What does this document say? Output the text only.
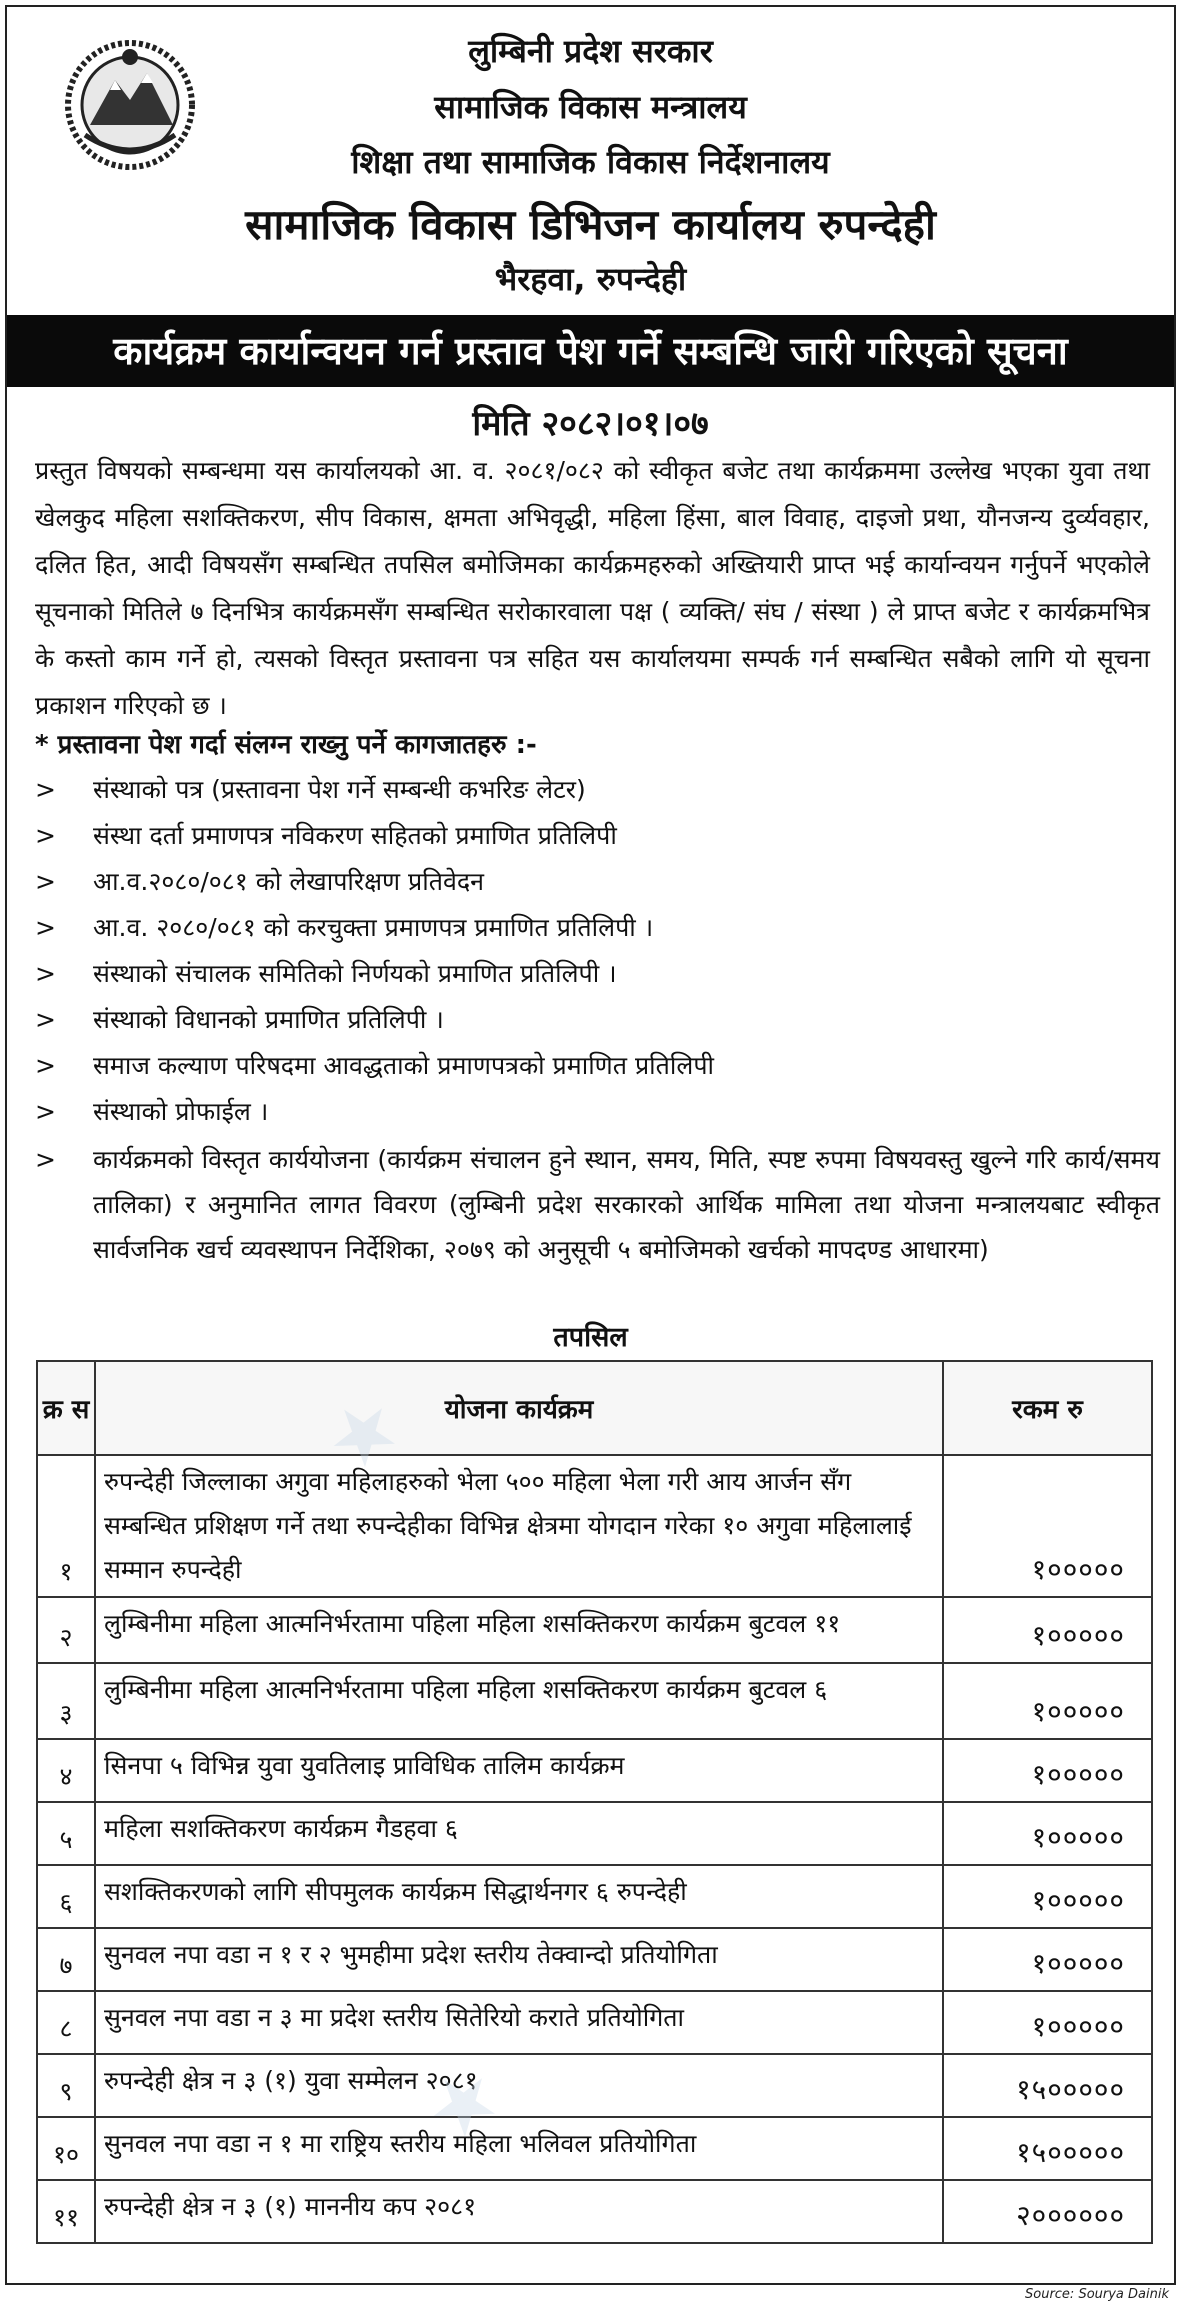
लुम्बिनी प्रदेश सरकार
सामाजिक विकास मन्त्रालय
शिक्षा तथा सामाजिक विकास निर्देशनालय
सामाजिक विकास डिभिजन कार्यालय रुपन्देही
भैरहवा, रुपन्देही
कार्यक्रम कार्यान्वयन गर्न प्रस्ताव पेश गर्ने सम्बन्धि जारी गरिएको सूचना
मिति २०८२।०१।०७
प्रस्तुत विषयको सम्बन्धमा यस कार्यालयको आ. व. २०८१/०८२ को स्वीकृत बजेट तथा कार्यक्रममा उल्लेख भएका युवा तथा खेलकुद महिला सशक्तिकरण, सीप विकास, क्षमता अभिवृद्धी, महिला हिंसा, बाल विवाह, दाइजो प्रथा, यौनजन्य दुर्व्यवहार, दलित हित, आदी विषयसँग सम्बन्धित तपसिल बमोजिमका कार्यक्रमहरुको अख्तियारी प्राप्त भई कार्यान्वयन गर्नुपर्ने भएकोले सूचनाको मितिले ७ दिनभित्र कार्यक्रमसँग सम्बन्धित सरोकारवाला पक्ष ( व्यक्ति/ संघ / संस्था ) ले प्राप्त बजेट र कार्यक्रमभित्र के कस्तो काम गर्ने हो, त्यसको विस्तृत प्रस्तावना पत्र सहित यस कार्यालयमा सम्पर्क गर्न सम्बन्धित सबैको लागि यो सूचना प्रकाशन गरिएको छ ।
* प्रस्तावना पेश गर्दा संलग्न राख्नु पर्ने कागजातहरु :-
> संस्थाको पत्र (प्रस्तावना पेश गर्ने सम्बन्धी कभरिङ लेटर)
> संस्था दर्ता प्रमाणपत्र नविकरण सहितको प्रमाणित प्रतिलिपी
> आ.व.२०८०/०८१ को लेखापरिक्षण प्रतिवेदन
> आ.व. २०८०/०८१ को करचुक्ता प्रमाणपत्र प्रमाणित प्रतिलिपी ।
> संस्थाको संचालक समितिको निर्णयको प्रमाणित प्रतिलिपी ।
> संस्थाको विधानको प्रमाणित प्रतिलिपी ।
> समाज कल्याण परिषदमा आवद्धताको प्रमाणपत्रको प्रमाणित प्रतिलिपी
> संस्थाको प्रोफाईल ।
> कार्यक्रमको विस्तृत कार्ययोजना (कार्यक्रम संचालन हुने स्थान, समय, मिति, स्पष्ट रुपमा विषयवस्तु खुल्ने गरि कार्य/समय तालिका) र अनुमानित लागत विवरण (लुम्बिनी प्रदेश सरकारको आर्थिक मामिला तथा योजना मन्त्रालयबाट स्वीकृत सार्वजनिक खर्च व्यवस्थापन निर्देशिका, २०७९ को अनुसूची ५ बमोजिमको खर्चको मापदण्ड आधारमा)
तपसिल
क्र स	योजना कार्यक्रम	रकम रु
१	रुपन्देही जिल्लाका अगुवा महिलाहरुको भेला ५०० महिला भेला गरी आय आर्जन सँग सम्बन्धित प्रशिक्षण गर्ने तथा रुपन्देहीका विभिन्न क्षेत्रमा योगदान गरेका १० अगुवा महिलालाई सम्मान रुपन्देही	१०००००
२	लुम्बिनीमा महिला आत्मनिर्भरतामा पहिला महिला शसक्तिकरण कार्यक्रम बुटवल ११	१०००००
३	लुम्बिनीमा महिला आत्मनिर्भरतामा पहिला महिला शसक्तिकरण कार्यक्रम बुटवल ६	१०००००
४	सिनपा ५ विभिन्न युवा युवतिलाइ प्राविधिक तालिम कार्यक्रम	१०००००
५	महिला सशक्तिकरण कार्यक्रम गैडहवा ६	१०००००
६	सशक्तिकरणको लागि सीपमुलक कार्यक्रम सिद्धार्थनगर ६ रुपन्देही	१०००००
७	सुनवल नपा वडा न १ र २ भुमहीमा प्रदेश स्तरीय तेक्वान्दो प्रतियोगिता	१०००००
८	सुनवल नपा वडा न ३ मा प्रदेश स्तरीय सितेरियो कराते प्रतियोगिता	१०००००
९	रुपन्देही क्षेत्र न ३ (१) युवा सम्मेलन २०८१	१५०००००
१०	सुनवल नपा वडा न १ मा राष्ट्रिय स्तरीय महिला भलिवल प्रतियोगिता	१५०००००
११	रुपन्देही क्षेत्र न ३ (१) माननीय कप २०८१	२००००००
★
★
Source: Sourya Dainik
